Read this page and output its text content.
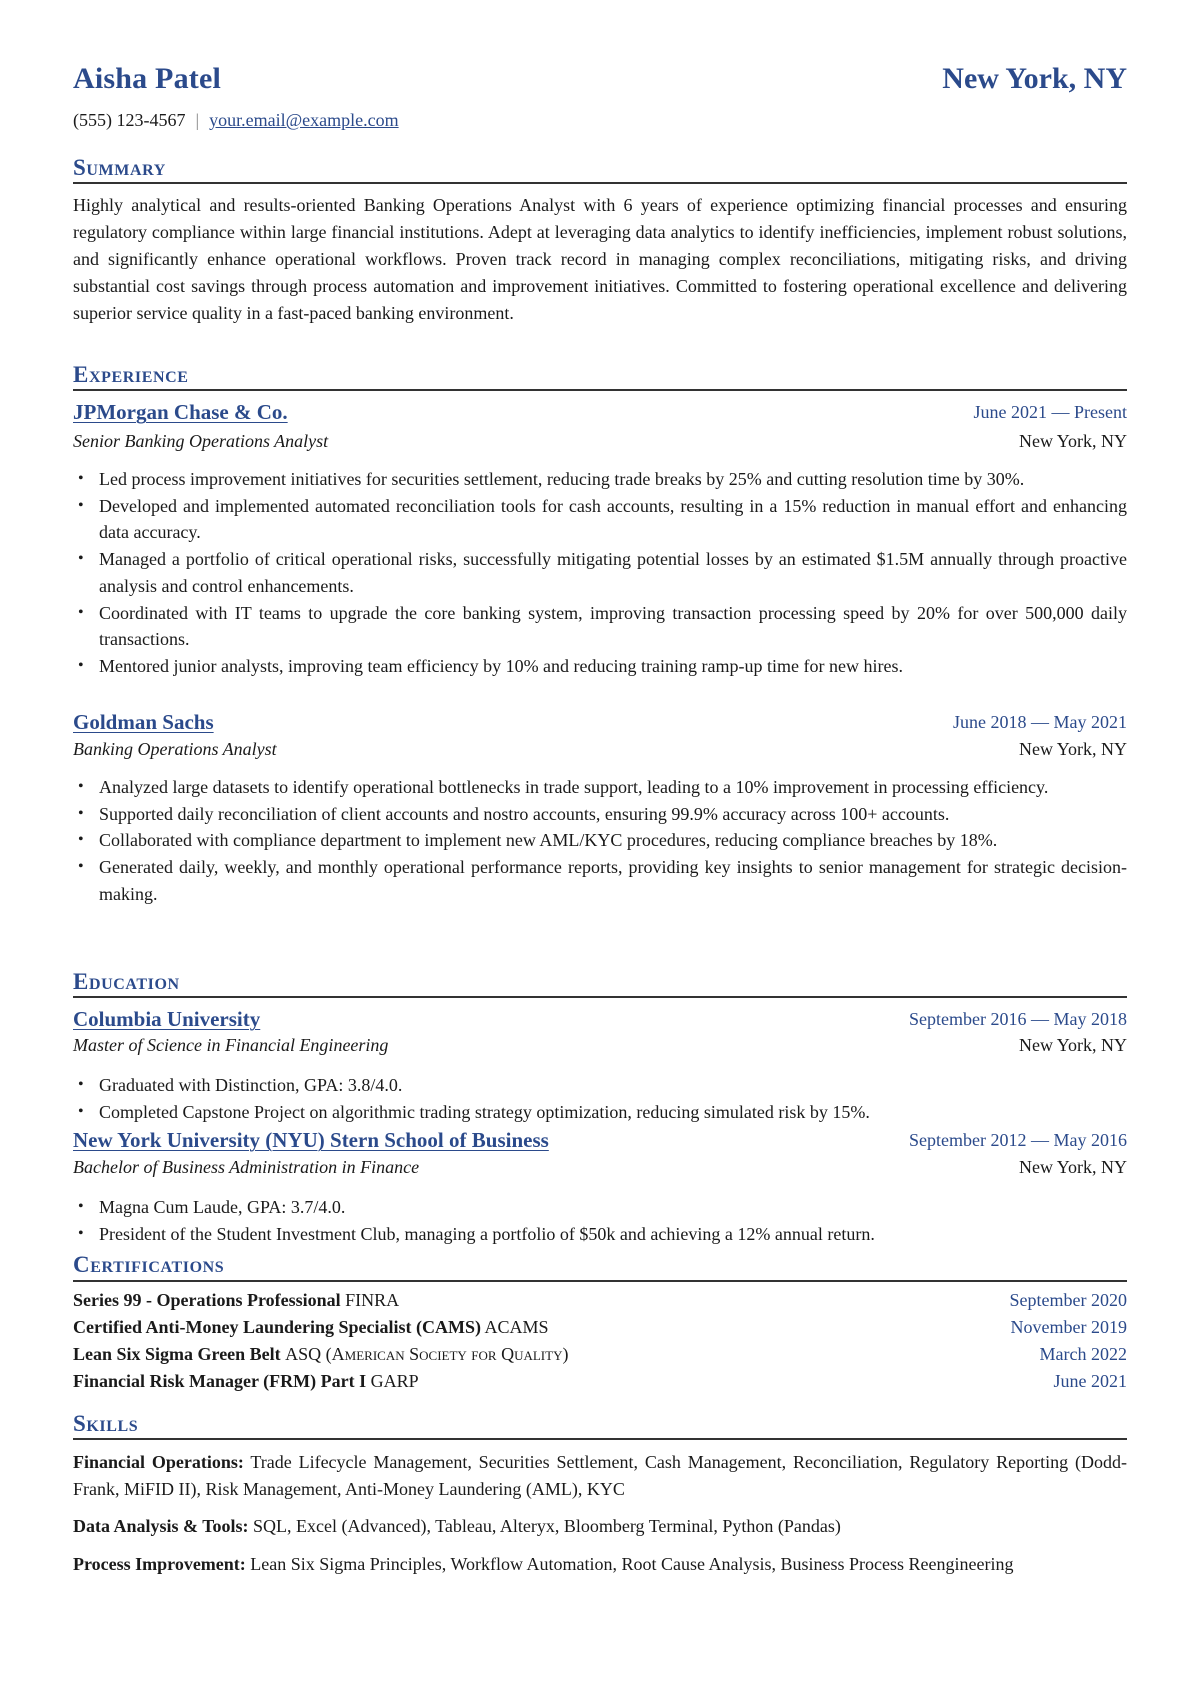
Aisha Patel	New York, NY
(555) 123-4567 | your.email@example.com
Summary
Highly analytical and results-oriented Banking Operations Analyst with 6 years of experience optimizing financial processes and ensuring regulatory compliance within large financial institutions. Adept at leveraging data analytics to identify inefficiencies, implement robust solutions, and significantly enhance operational workflows. Proven track record in managing complex reconciliations, mitigating risks, and driving substantial cost savings through process automation and improvement initiatives. Committed to fostering operational excellence and delivering superior service quality in a fast-paced banking environment.
Experience
JPMorgan Chase & Co.	June 2021 — Present
Senior Banking Operations Analyst	New York, NY
• Led process improvement initiatives for securities settlement, reducing trade breaks by 25% and cutting resolution time by 30%.
• Developed and implemented automated reconciliation tools for cash accounts, resulting in a 15% reduction in manual effort and enhancing data accuracy.
• Managed a portfolio of critical operational risks, successfully mitigating potential losses by an estimated $1.5M annually through proactive analysis and control enhancements.
• Coordinated with IT teams to upgrade the core banking system, improving transaction processing speed by 20% for over 500,000 daily transactions.
• Mentored junior analysts, improving team efficiency by 10% and reducing training ramp-up time for new hires.
Goldman Sachs	June 2018 — May 2021
Banking Operations Analyst	New York, NY
• Analyzed large datasets to identify operational bottlenecks in trade support, leading to a 10% improvement in processing efficiency.
• Supported daily reconciliation of client accounts and nostro accounts, ensuring 99.9% accuracy across 100+ accounts.
• Collaborated with compliance department to implement new AML/KYC procedures, reducing compliance breaches by 18%.
• Generated daily, weekly, and monthly operational performance reports, providing key insights to senior management for strategic decision-making.
Education
Columbia University	September 2016 — May 2018
Master of Science in Financial Engineering	New York, NY
• Graduated with Distinction, GPA: 3.8/4.0.
• Completed Capstone Project on algorithmic trading strategy optimization, reducing simulated risk by 15%.
New York University (NYU) Stern School of Business	September 2012 — May 2016
Bachelor of Business Administration in Finance	New York, NY
• Magna Cum Laude, GPA: 3.7/4.0.
• President of the Student Investment Club, managing a portfolio of $50k and achieving a 12% annual return.
Certifications
Series 99 - Operations Professional FINRA	September 2020
Certified Anti-Money Laundering Specialist (CAMS) ACAMS	November 2019
Lean Six Sigma Green Belt ASQ (American Society for Quality)	March 2022
Financial Risk Manager (FRM) Part I GARP	June 2021
Skills
Financial Operations: Trade Lifecycle Management, Securities Settlement, Cash Management, Reconciliation, Regulatory Reporting (Dodd-Frank, MiFID II), Risk Management, Anti-Money Laundering (AML), KYC
Data Analysis & Tools: SQL, Excel (Advanced), Tableau, Alteryx, Bloomberg Terminal, Python (Pandas)
Process Improvement: Lean Six Sigma Principles, Workflow Automation, Root Cause Analysis, Business Process Reengineering
